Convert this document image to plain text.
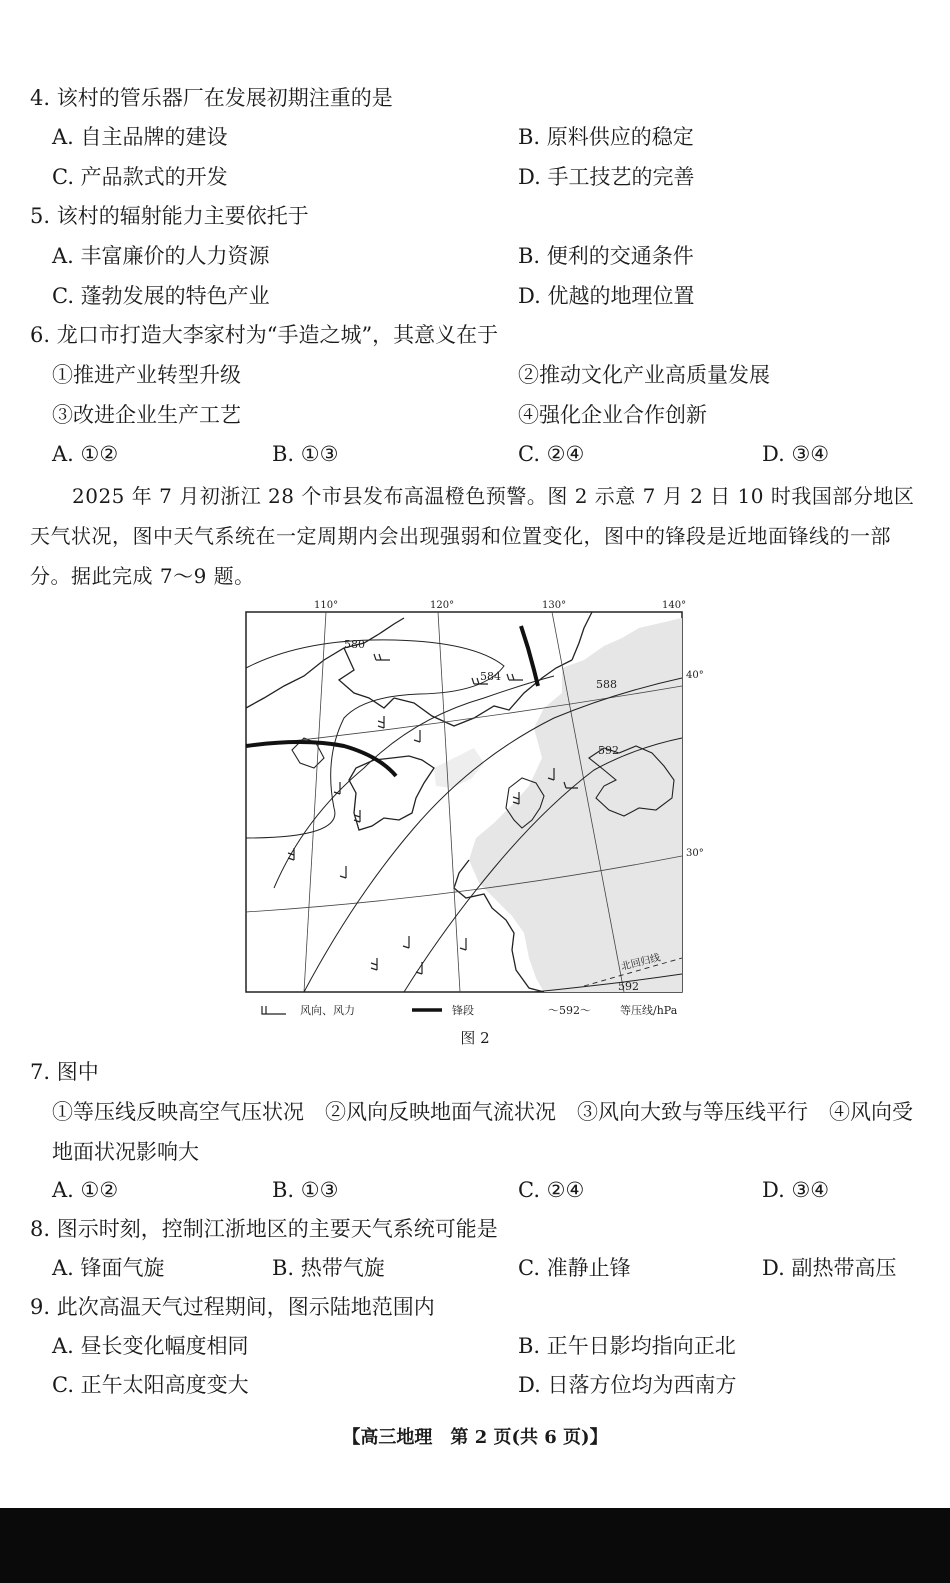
4. 该村的管乐器厂在发展初期注重的是
A. 自主品牌的建设	B. 原料供应的稳定
C. 产品款式的开发	D. 手工技艺的完善
5. 该村的辐射能力主要依托于
A. 丰富廉价的人力资源	B. 便利的交通条件
C. 蓬勃发展的特色产业	D. 优越的地理位置
6. 龙口市打造大李家村为“手造之城”，其意义在于
①推进产业转型升级	②推动文化产业高质量发展
③改进企业生产工艺	④强化企业合作创新
A. ①②	B. ①③	C. ②④	D. ③④
2025 年 7 月初浙江 28 个市县发布高温橙色预警。图 2 示意 7 月 2 日 10 时我国部分地区天气状况，图中天气系统在一定周期内会出现强弱和位置变化，图中的锋段是近地面锋线的一部分。据此完成 7～9 题。
110°	120°	130°	140°
40°
30°
580
584
588
592
592
北回归线
风向、风力	锋段	～592～	等压线/hPa
图 2
7. 图中
①等压线反映高空气压状况　②风向反映地面气流状况　③风向大致与等压线平行　④风向受地面状况影响大
A. ①②	B. ①③	C. ②④	D. ③④
8. 图示时刻，控制江浙地区的主要天气系统可能是
A. 锋面气旋	B. 热带气旋	C. 准静止锋	D. 副热带高压
9. 此次高温天气过程期间，图示陆地范围内
A. 昼长变化幅度相同	B. 正午日影均指向正北
C. 正午太阳高度变大	D. 日落方位均为西南方
【高三地理　第 2 页(共 6 页)】
